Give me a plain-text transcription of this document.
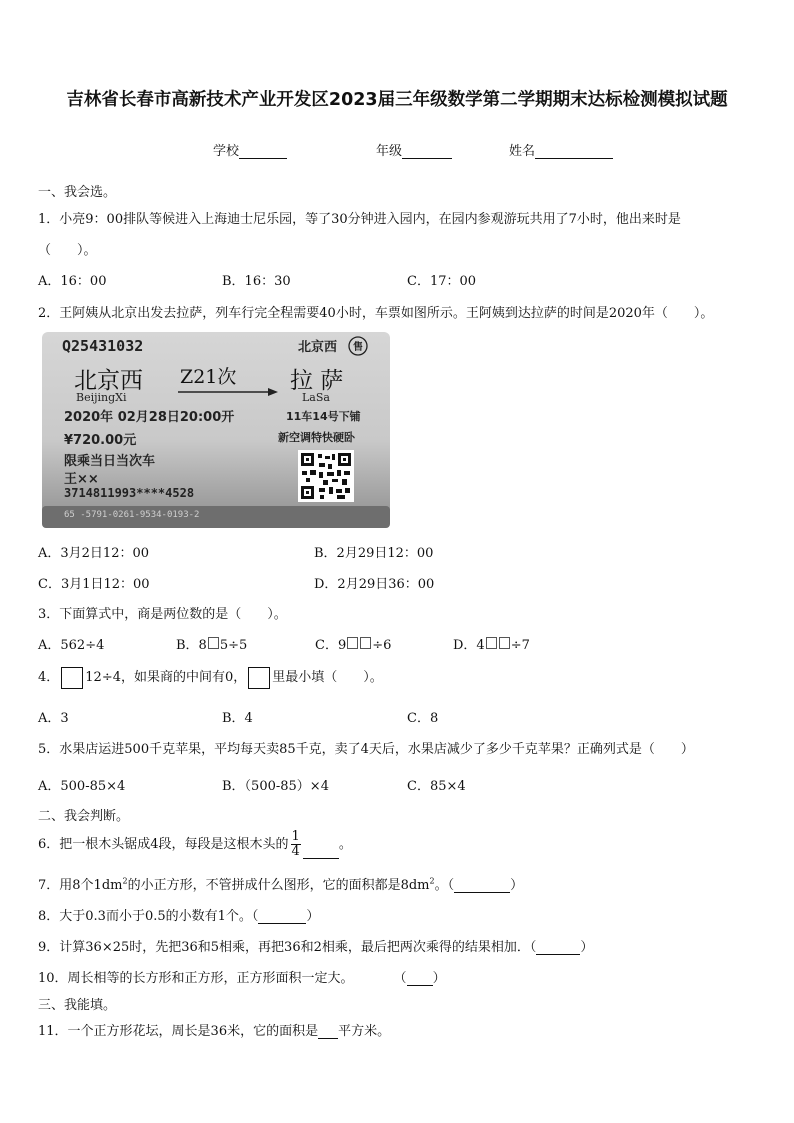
吉林省长春市高新技术产业开发区2023届三年级数学第二学期期末达标检测模拟试题
学校	年级	姓名
一、我会选。
1．小亮9：00排队等候进入上海迪士尼乐园，等了30分钟进入园内，在园内参观游玩共用了7小时，他出来时是
（　　）。
A．16：00	B．16：30	C．17：00
2．王阿姨从北京出发去拉萨，列车行完全程需要40小时，车票如图所示。王阿姨到达拉萨的时间是2020年（　　）。
Q25431032	北京西 售
北京西
BeijingXi
Z21次 拉 萨
LaSa
2020年 02月28日20:00开	11车14号下铺
¥720.00元	新空调特快硬卧
限乘当日当次车
王××
3714811993****4528
65 -5791-0261-9534-0193-2
A．3月2日12：00	B．2月29日12：00
C．3月1日12：00	D．2月29日36：00
3．下面算式中，商是两位数的是（　　）。
A．562÷4	B．8 5÷5	C．9 ÷6	D．4 ÷7
4． 12÷4，如果商的中间有0， 里最小填（　　）。
A．3	B．4	C．8
5．水果店运进500千克苹果，平均每天卖85千克，卖了4天后，水果店减少了多少千克苹果？正确列式是（　　）
A．500-85×4	B．（500-85）×4	C．85×4
二、我会判断。
6．把一根木头锯成4段，每段是这根木头的 $\frac{1}{4}$	。
7．用8个$1dm^2$的小正方形，不管拼成什么图形，它的面积都是$8dm^2$。（	）
8．大于0.3而小于0.5的小数有1个。（	）
9．计算36×25时，先把36和5相乘，再把36和2相乘，最后把两次乘得的结果相加．（	）
10．周长相等的长方形和正方形，正方形面积一定大。	（ ）
三、我能填。
11．一个正方形花坛，周长是36米，它的面积是 平方米。
